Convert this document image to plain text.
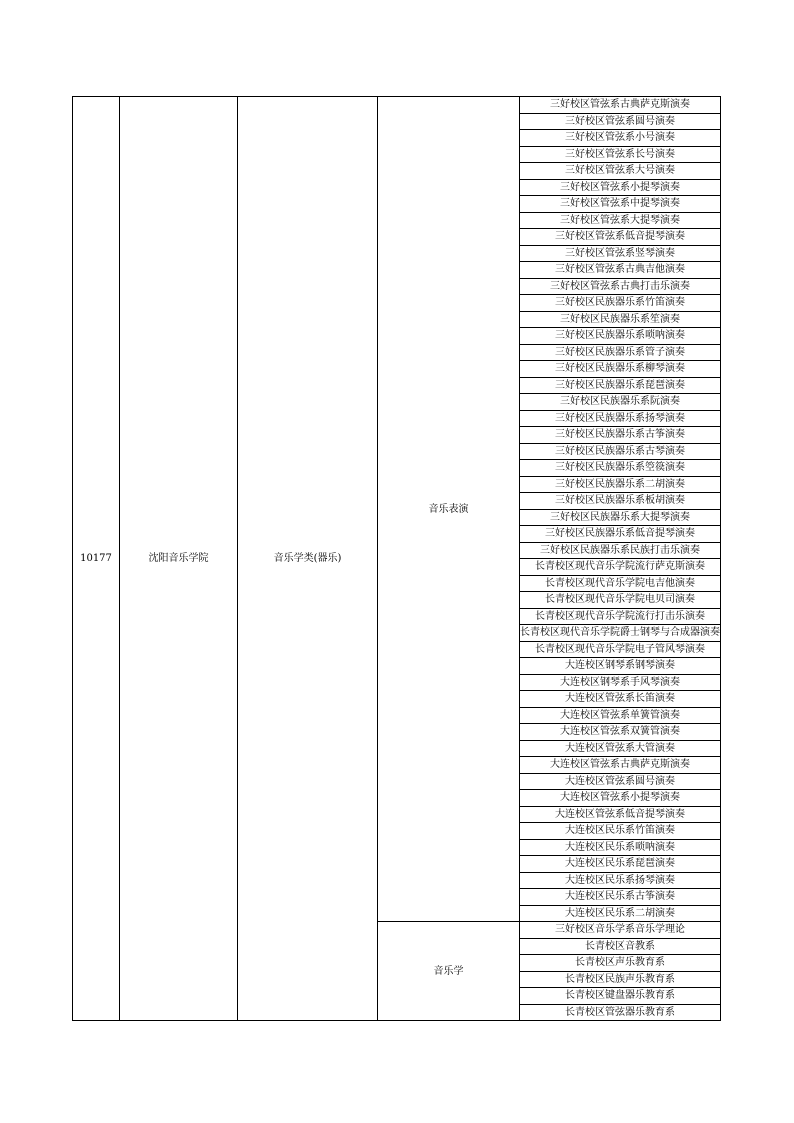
10177	沈阳音乐学院	音乐学类(器乐)	音乐表演	三好校区管弦系古典萨克斯演奏
				三好校区管弦系圆号演奏
				三好校区管弦系小号演奏
				三好校区管弦系长号演奏
				三好校区管弦系大号演奏
				三好校区管弦系小提琴演奏
				三好校区管弦系中提琴演奏
				三好校区管弦系大提琴演奏
				三好校区管弦系低音提琴演奏
				三好校区管弦系竖琴演奏
				三好校区管弦系古典吉他演奏
				三好校区管弦系古典打击乐演奏
				三好校区民族器乐系竹笛演奏
				三好校区民族器乐系笙演奏
				三好校区民族器乐系唢呐演奏
				三好校区民族器乐系管子演奏
				三好校区民族器乐系柳琴演奏
				三好校区民族器乐系琵琶演奏
				三好校区民族器乐系阮演奏
				三好校区民族器乐系扬琴演奏
				三好校区民族器乐系古筝演奏
				三好校区民族器乐系古琴演奏
				三好校区民族器乐系箜篌演奏
				三好校区民族器乐系二胡演奏
				三好校区民族器乐系板胡演奏
				三好校区民族器乐系大提琴演奏
				三好校区民族器乐系低音提琴演奏
				三好校区民族器乐系民族打击乐演奏
				长青校区现代音乐学院流行萨克斯演奏
				长青校区现代音乐学院电吉他演奏
				长青校区现代音乐学院电贝司演奏
				长青校区现代音乐学院流行打击乐演奏
				长青校区现代音乐学院爵士钢琴与合成器演奏
				长青校区现代音乐学院电子管风琴演奏
				大连校区钢琴系钢琴演奏
				大连校区钢琴系手风琴演奏
				大连校区管弦系长笛演奏
				大连校区管弦系单簧管演奏
				大连校区管弦系双簧管演奏
				大连校区管弦系大管演奏
				大连校区管弦系古典萨克斯演奏
				大连校区管弦系圆号演奏
				大连校区管弦系小提琴演奏
				大连校区管弦系低音提琴演奏
				大连校区民乐系竹笛演奏
				大连校区民乐系唢呐演奏
				大连校区民乐系琵琶演奏
				大连校区民乐系扬琴演奏
				大连校区民乐系古筝演奏
				大连校区民乐系二胡演奏
			音乐学	三好校区音乐学系音乐学理论
				长青校区音教系
				长青校区声乐教育系
				长青校区民族声乐教育系
				长青校区键盘器乐教育系
				长青校区管弦器乐教育系
